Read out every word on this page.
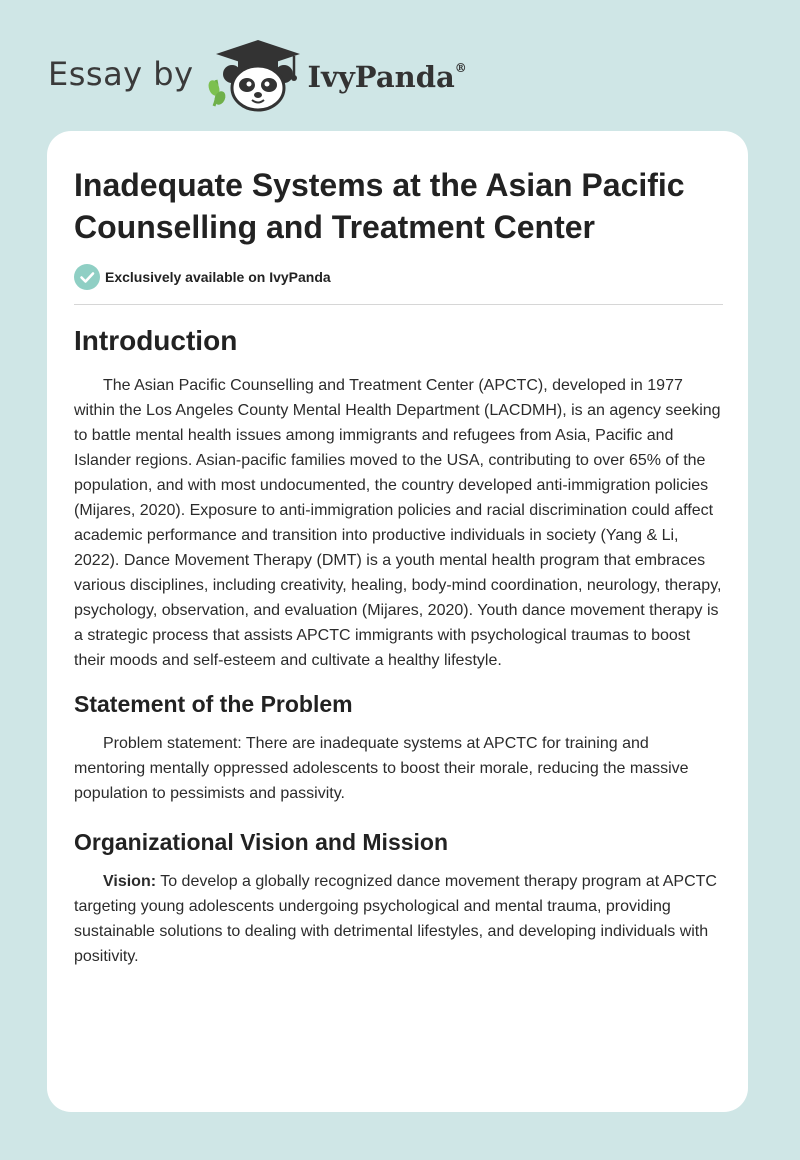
Essay by	IvyPanda®
Inadequate Systems at the Asian Pacific Counselling and Treatment Center
Exclusively available on IvyPanda
Introduction

The Asian Pacific Counselling and Treatment Center (APCTC), developed in 1977 within the Los Angeles County Mental Health Department (LACDMH), is an agency seeking to battle mental health issues among immigrants and refugees from Asia, Pacific and Islander regions. Asian-pacific families moved to the USA, contributing to over 65% of the population, and with most undocumented, the country developed anti-immigration policies (Mijares, 2020). Exposure to anti-immigration policies and racial discrimination could affect academic performance and transition into productive individuals in society (Yang & Li, 2022). Dance Movement Therapy (DMT) is a youth mental health program that embraces various disciplines, including creativity, healing, body-mind coordination, neurology, therapy, psychology, observation, and evaluation (Mijares, 2020). Youth dance movement therapy is a strategic process that assists APCTC immigrants with psychological traumas to boost their moods and self-esteem and cultivate a healthy lifestyle.

Statement of the Problem

Problem statement: There are inadequate systems at APCTC for training and mentoring mentally oppressed adolescents to boost their morale, reducing the massive population to pessimists and passivity.

Organizational Vision and Mission

Vision: To develop a globally recognized dance movement therapy program at APCTC targeting young adolescents undergoing psychological and mental trauma, providing sustainable solutions to dealing with detrimental lifestyles, and developing individuals with positivity.
